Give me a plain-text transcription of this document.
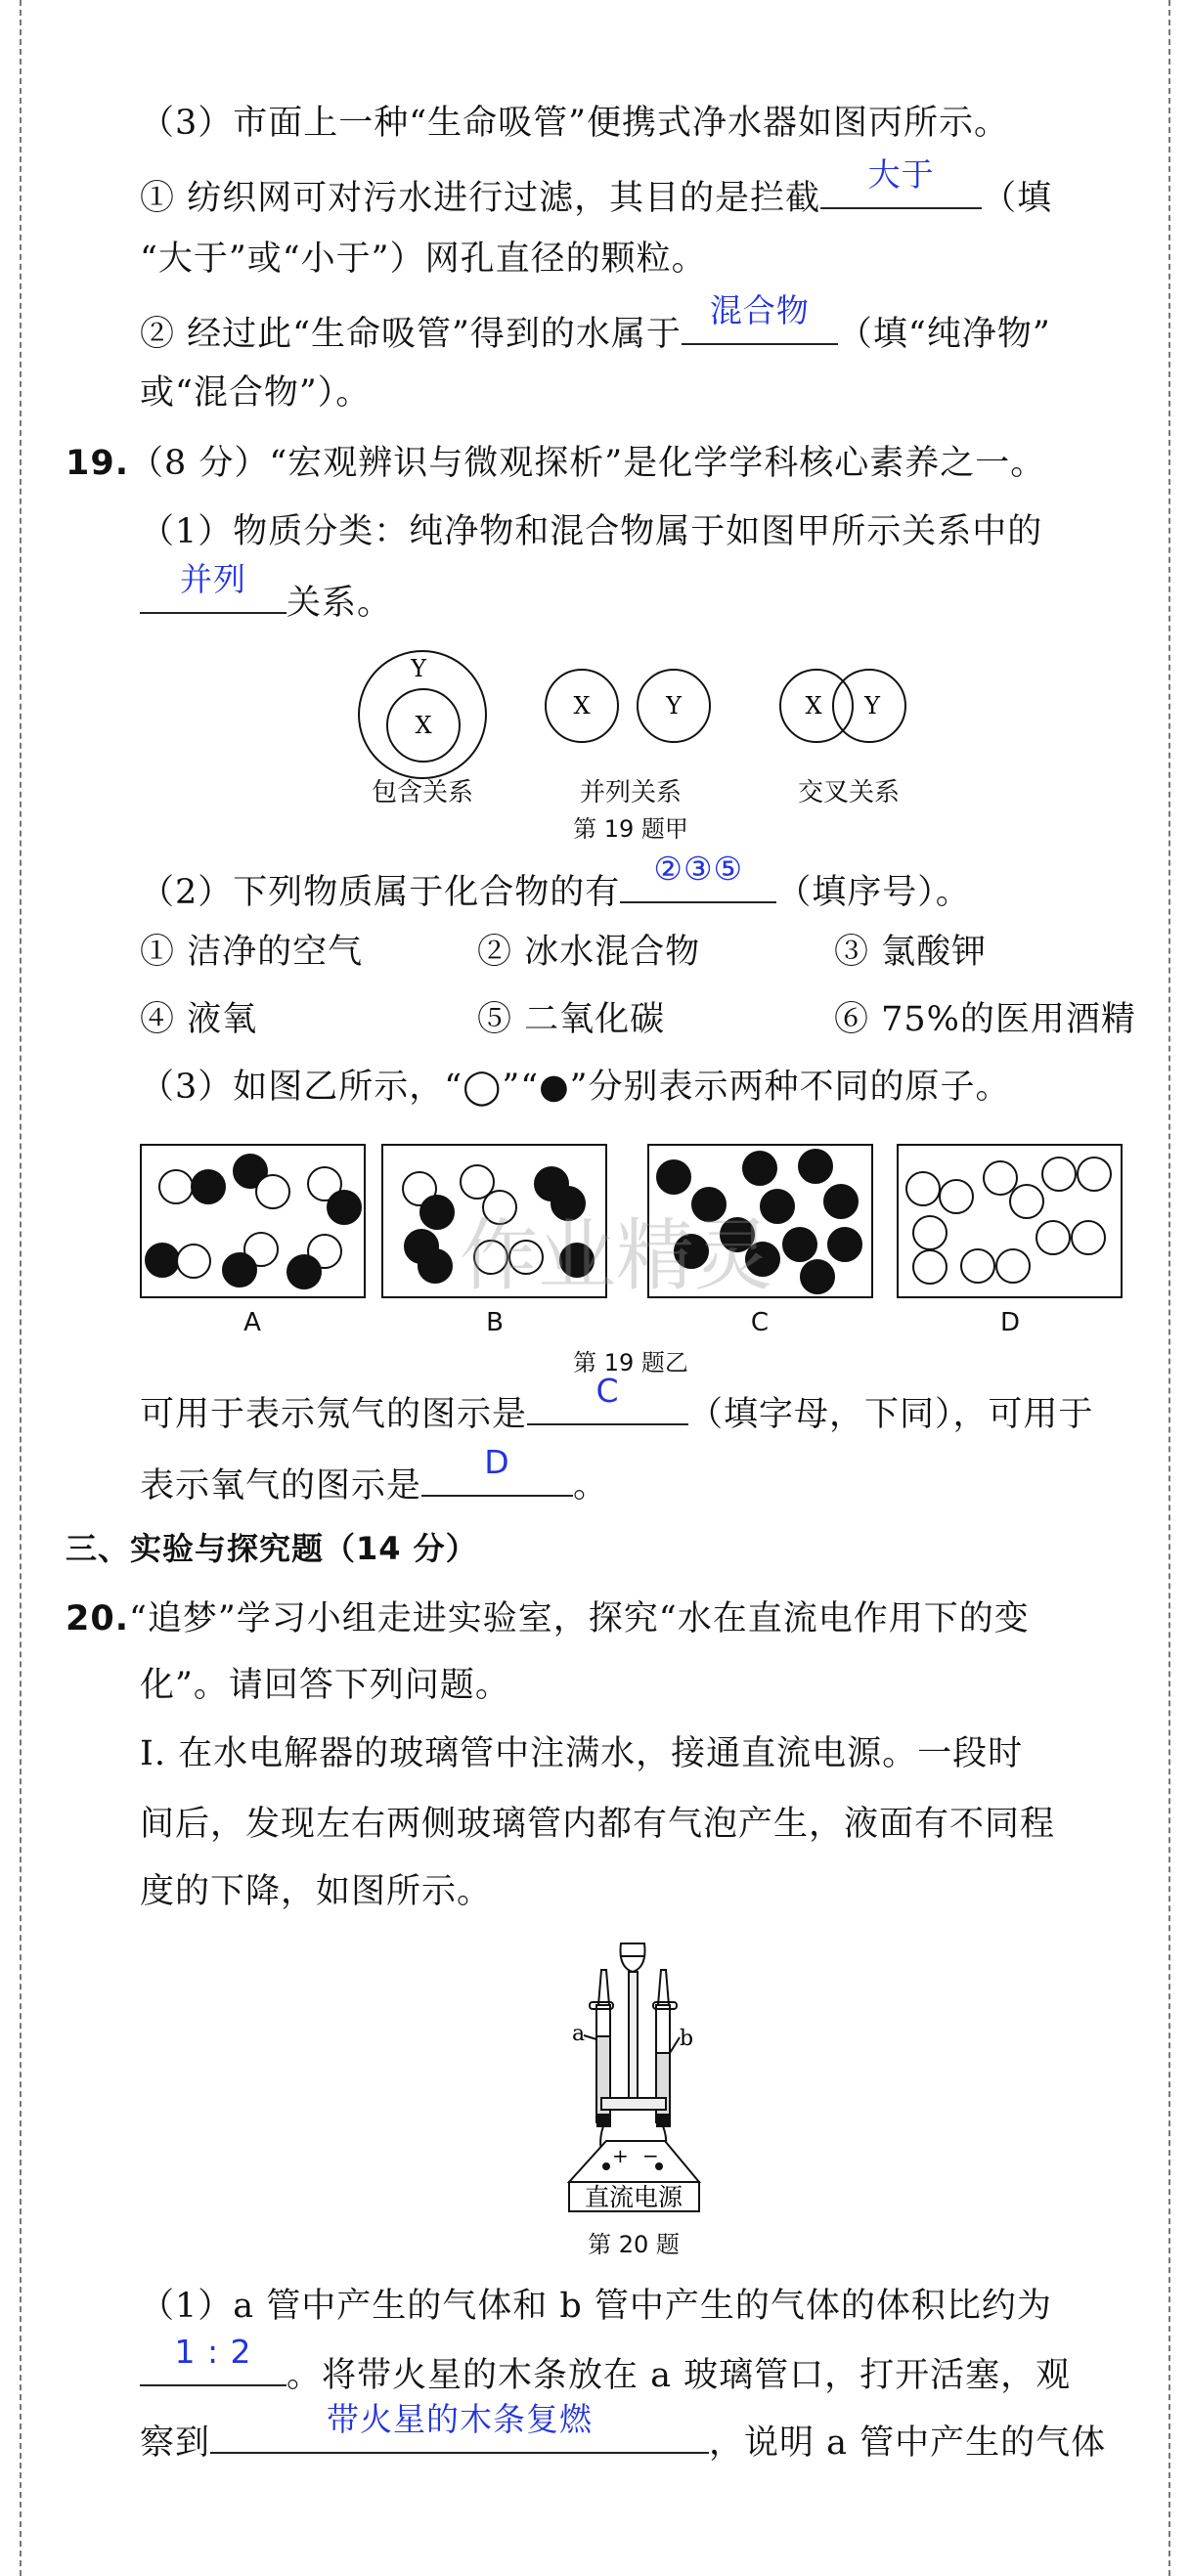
（3）市面上一种“生命吸管”便携式净水器如图丙所示。
① 纺织网可对污水进行过滤，其目的是拦截
大于
（填
“大于”或“小于”）网孔直径的颗粒。
② 经过此“生命吸管”得到的水属于
混合物
（填“纯净物”
或“混合物”）。
19.（8 分）“宏观辨识与微观探析”是化学学科核心素养之一。
（1）物质分类：纯净物和混合物属于如图甲所示关系中的
并列
关系。
Y
X
X	Y	X Y
包含关系	并列关系	交叉关系
第 19 题甲
（2）下列物质属于化合物的有
②③⑤
（填序号）。
① 洁净的空气	② 冰水混合物	③ 氯酸钾
④ 液氧	⑤ 二氧化碳	⑥ 75%的医用酒精
（3）如图乙所示，“◯”“●”分别表示两种不同的原子。
A	B	C	D
第 19 题乙
作业精灵
可用于表示氖气的图示是
C
（填字母，下同），可用于
表示氧气的图示是
D
。
三、实验与探究题（14 分）
20.“追梦”学习小组走进实验室，探究“水在直流电作用下的变
化”。请回答下列问题。
Ⅰ. 在水电解器的玻璃管中注满水，接通直流电源。一段时
间后，发现左右两侧玻璃管内都有气泡产生，液面有不同程
度的下降，如图所示。
a	b
+ −
直流电源
第 20 题
（1）a 管中产生的气体和 b 管中产生的气体的体积比约为
1 : 2
。将带火星的木条放在 a 玻璃管口，打开活塞，观
察到
带火星的木条复燃
，说明 a 管中产生的气体
